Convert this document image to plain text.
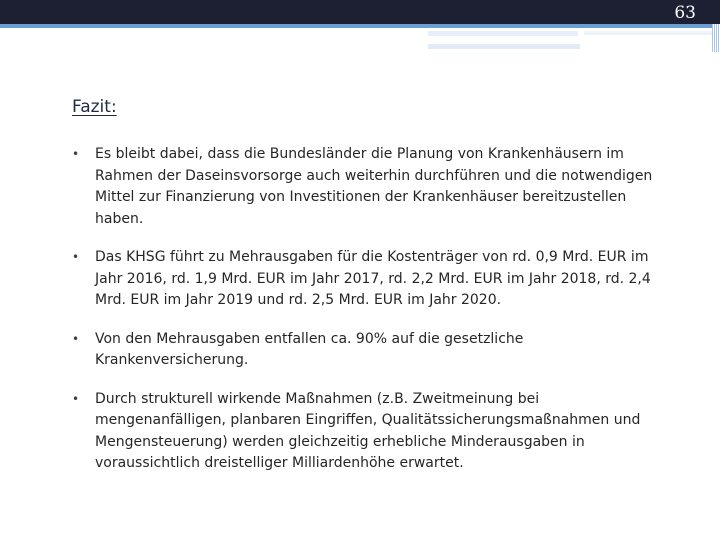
63
Fazit:
• Es bleibt dabei, dass die Bundesländer die Planung von Krankenhäusern im Rahmen der Daseinsvorsorge auch weiterhin durchführen und die notwendigen Mittel zur Finanzierung von Investitionen der Krankenhäuser bereitzustellen haben.
• Das KHSG führt zu Mehrausgaben für die Kostenträger von rd. 0,9 Mrd. EUR im Jahr 2016, rd. 1,9 Mrd. EUR im Jahr 2017, rd. 2,2 Mrd. EUR im Jahr 2018, rd. 2,4 Mrd. EUR im Jahr 2019 und rd. 2,5 Mrd. EUR im Jahr 2020.
• Von den Mehrausgaben entfallen ca. 90% auf die gesetzliche Krankenversicherung.
• Durch strukturell wirkende Maßnahmen (z.B. Zweitmeinung bei mengenanfälligen, planbaren Eingriffen, Qualitätssicherungsmaßnahmen und Mengensteuerung) werden gleichzeitig erhebliche Minderausgaben in voraussichtlich dreistelliger Milliardenhöhe erwartet.
